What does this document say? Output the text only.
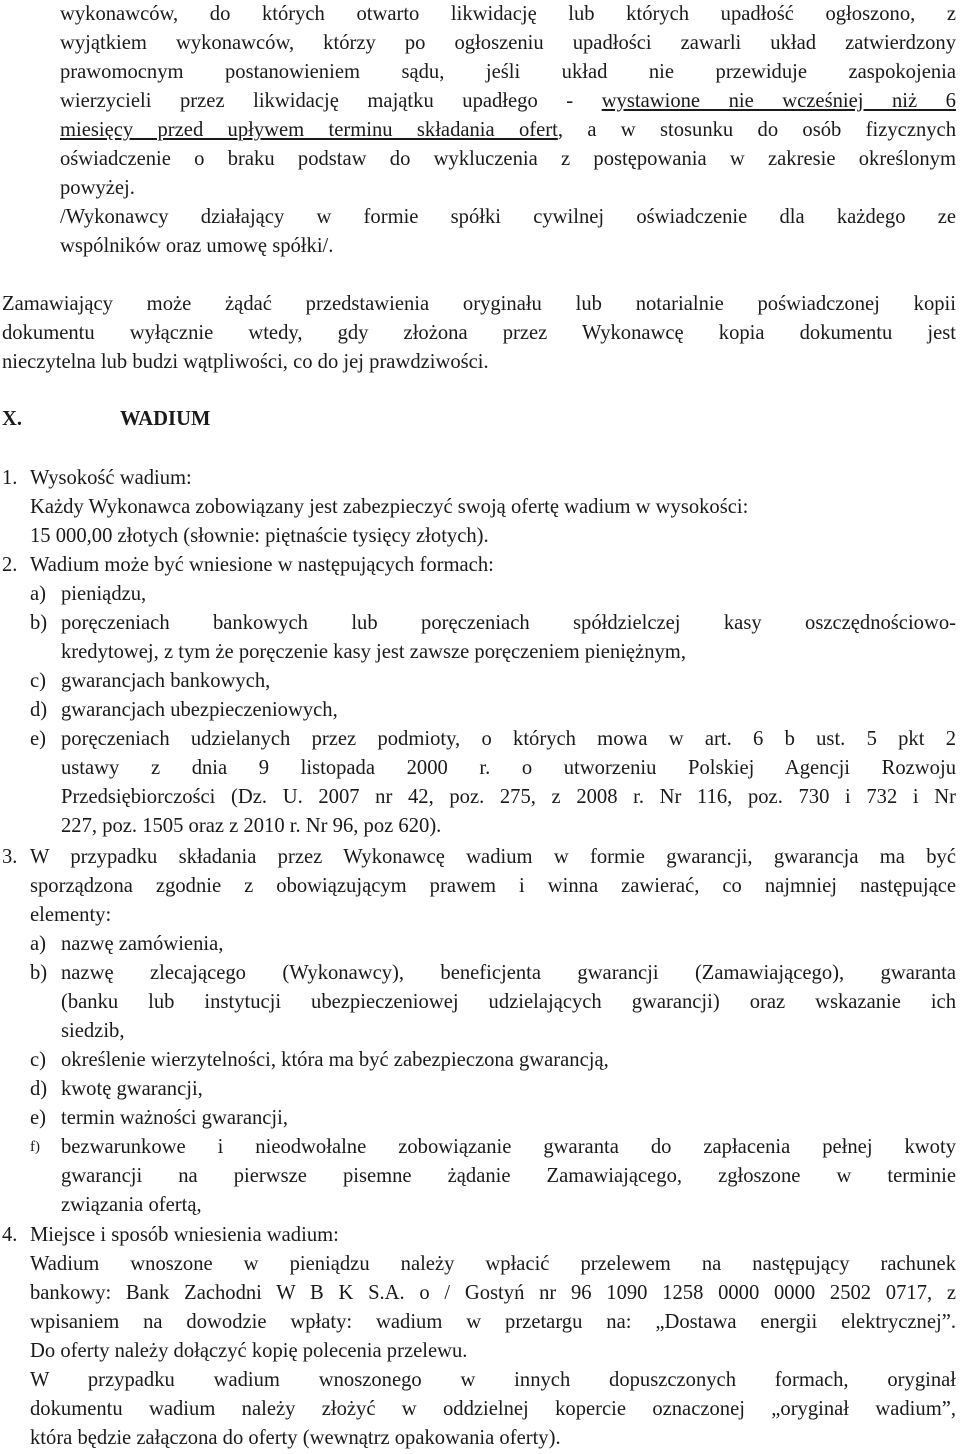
wykonawców, do których otwarto likwidację lub których upadłość ogłoszono, z
wyjątkiem wykonawców, którzy po ogłoszeniu upadłości zawarli układ zatwierdzony
prawomocnym postanowieniem sądu, jeśli układ nie przewiduje zaspokojenia
wierzycieli przez likwidację majątku upadłego - wystawione nie wcześniej niż 6
miesięcy przed upływem terminu składania ofert, a w stosunku do osób fizycznych
oświadczenie o braku podstaw do wykluczenia z postępowania w zakresie określonym
powyżej.
/Wykonawcy działający w formie spółki cywilnej oświadczenie dla każdego ze
wspólników oraz umowę spółki/.
Zamawiający może żądać przedstawienia oryginału lub notarialnie poświadczonej kopii
dokumentu wyłącznie wtedy, gdy złożona przez Wykonawcę kopia dokumentu jest
nieczytelna lub budzi wątpliwości, co do jej prawdziwości.
X.	WADIUM
1. Wysokość wadium:
Każdy Wykonawca zobowiązany jest zabezpieczyć swoją ofertę wadium w wysokości:
15 000,00 złotych (słownie: piętnaście tysięcy złotych).
2. Wadium może być wniesione w następujących formach:
a) pieniądzu,
b) poręczeniach bankowych lub poręczeniach spółdzielczej kasy oszczędnościowo-
kredytowej, z tym że poręczenie kasy jest zawsze poręczeniem pieniężnym,
c) gwarancjach bankowych,
d) gwarancjach ubezpieczeniowych,
e) poręczeniach udzielanych przez podmioty, o których mowa w art. 6 b ust. 5 pkt 2
ustawy z dnia 9 listopada 2000 r. o utworzeniu Polskiej Agencji Rozwoju
Przedsiębiorczości (Dz. U. 2007 nr 42, poz. 275, z 2008 r. Nr 116, poz. 730 i 732 i Nr
227, poz. 1505 oraz z 2010 r. Nr 96, poz 620).
3. W przypadku składania przez Wykonawcę wadium w formie gwarancji, gwarancja ma być
sporządzona zgodnie z obowiązującym prawem i winna zawierać, co najmniej następujące
elementy:
a) nazwę zamówienia,
b) nazwę zlecającego (Wykonawcy), beneficjenta gwarancji (Zamawiającego), gwaranta
(banku lub instytucji ubezpieczeniowej udzielających gwarancji) oraz wskazanie ich
siedzib,
c) określenie wierzytelności, która ma być zabezpieczona gwarancją,
d) kwotę gwarancji,
e) termin ważności gwarancji,
f) bezwarunkowe i nieodwołalne zobowiązanie gwaranta do zapłacenia pełnej kwoty
gwarancji na pierwsze pisemne żądanie Zamawiającego, zgłoszone w terminie
związania ofertą,
4. Miejsce i sposób wniesienia wadium:
Wadium wnoszone w pieniądzu należy wpłacić przelewem na następujący rachunek
bankowy: Bank Zachodni W B K S.A. o / Gostyń nr 96 1090 1258 0000 0000 2502 0717, z
wpisaniem na dowodzie wpłaty: wadium w przetargu na: „Dostawa energii elektrycznej”.
Do oferty należy dołączyć kopię polecenia przelewu.
W przypadku wadium wnoszonego w innych dopuszczonych formach, oryginał
dokumentu wadium należy złożyć w oddzielnej kopercie oznaczonej „oryginał wadium”,
która będzie załączona do oferty (wewnątrz opakowania oferty).
